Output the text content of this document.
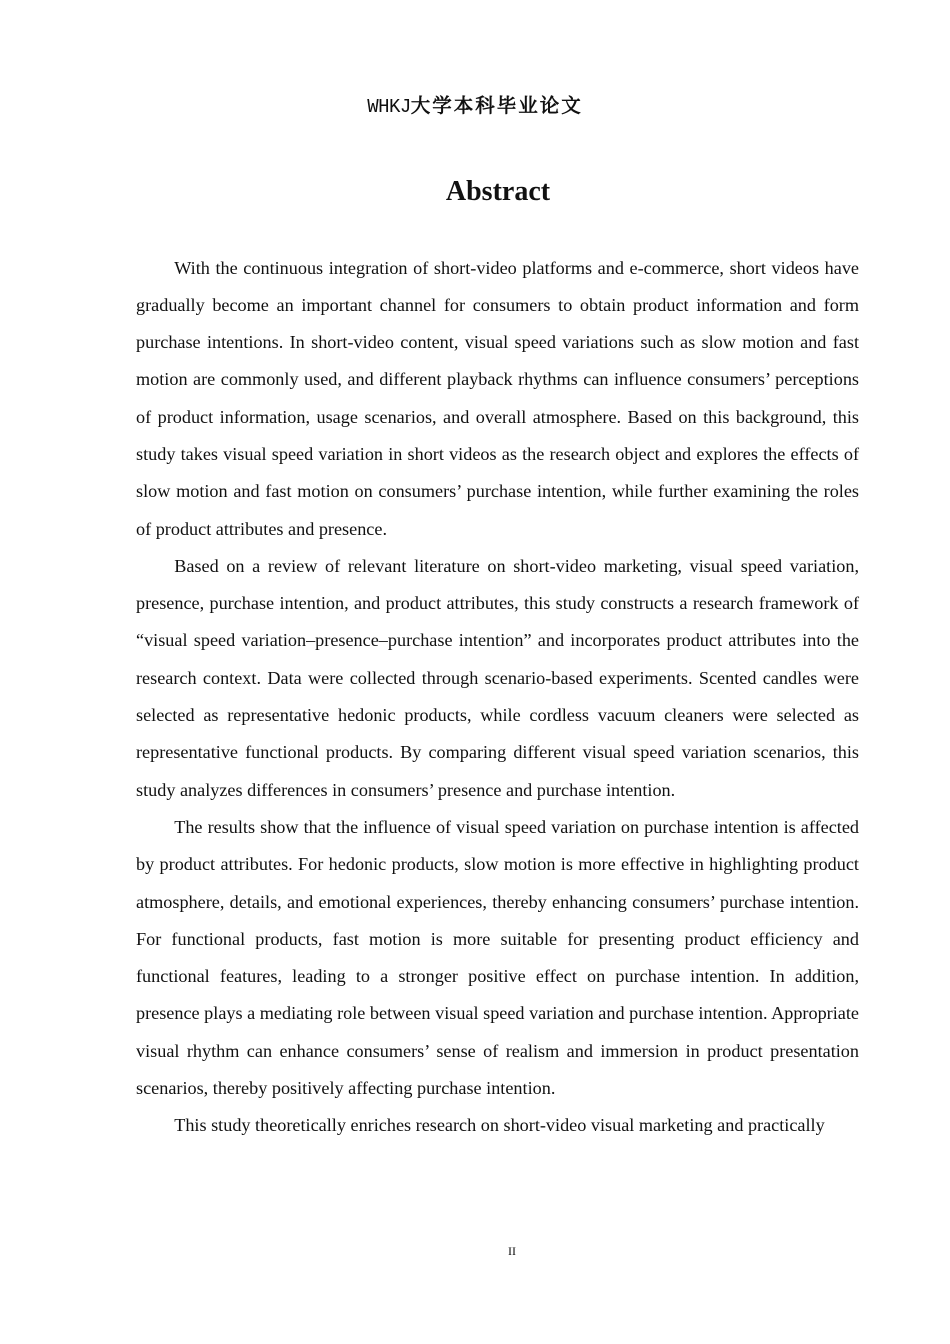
WHKJ大学本科毕业论文
Abstract

With the continuous integration of short-video platforms and e-commerce, short videos have gradually become an important channel for consumers to obtain product information and form purchase intentions. In short-video content, visual speed variations such as slow motion and fast motion are commonly used, and different playback rhythms can influence consumers’ perceptions of product information, usage scenarios, and overall atmosphere. Based on this background, this study takes visual speed variation in short videos as the research object and explores the effects of slow motion and fast motion on consumers’ purchase intention, while further examining the roles of product attributes and presence.

Based on a review of relevant literature on short-video marketing, visual speed variation, presence, purchase intention, and product attributes, this study constructs a research framework of “visual speed variation–presence–purchase intention” and incorporates product attributes into the research context. Data were collected through scenario-based experiments. Scented candles were selected as representative hedonic products, while cordless vacuum cleaners were selected as representative functional products. By comparing different visual speed variation scenarios, this study analyzes differences in consumers’ presence and purchase intention.

The results show that the influence of visual speed variation on purchase intention is affected by product attributes. For hedonic products, slow motion is more effective in highlighting product atmosphere, details, and emotional experiences, thereby enhancing consumers’ purchase intention. For functional products, fast motion is more suitable for presenting product efficiency and functional features, leading to a stronger positive effect on purchase intention. In addition, presence plays a mediating role between visual speed variation and purchase intention. Appropriate visual rhythm can enhance consumers’ sense of realism and immersion in product presentation scenarios, thereby positively affecting purchase intention.

This study theoretically enriches research on short-video visual marketing and practically

II
